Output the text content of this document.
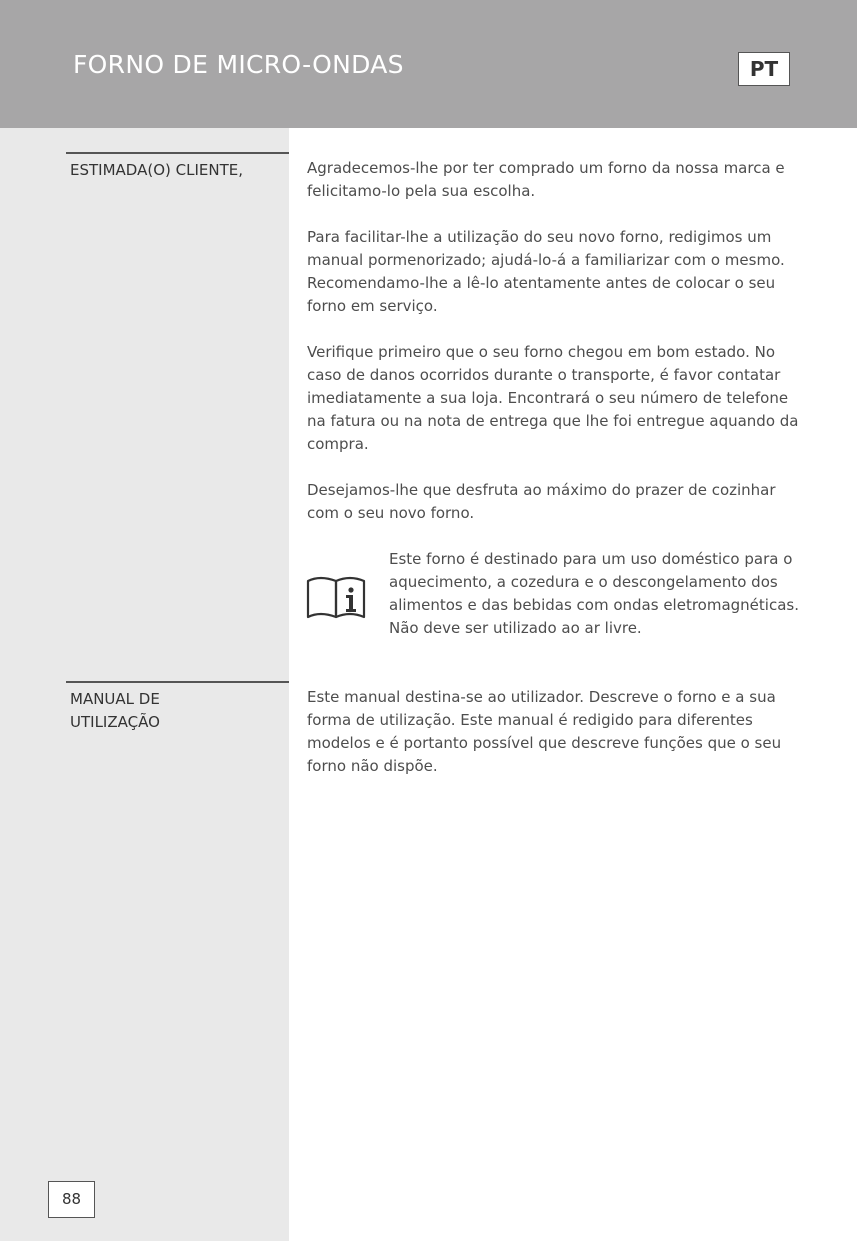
FORNO DE MICRO-ONDAS	PT
ESTIMADA(O) CLIENTE,	Agradecemos-lhe por ter comprado um forno da nossa marca e felicitamo-lo pela sua escolha.

Para facilitar-lhe a utilização do seu novo forno, redigimos um manual pormenorizado; ajudá-lo-á a familiarizar com o mesmo. Recomendamo-lhe a lê-lo atentamente antes de colocar o seu forno em serviço.

Verifique primeiro que o seu forno chegou em bom estado. No caso de danos ocorridos durante o transporte, é favor contatar imediatamente a sua loja. Encontrará o seu número de telefone na fatura ou na nota de entrega que lhe foi entregue aquando da compra.

Desejamos-lhe que desfruta ao máximo do prazer de cozinhar com o seu novo forno.

Este forno é destinado para um uso doméstico para o aquecimento, a cozedura e o descongelamento dos alimentos e das bebidas com ondas eletromagnéticas.
Não deve ser utilizado ao ar livre.
MANUAL DE
UTILIZAÇÃO

Este manual destina-se ao utilizador. Descreve o forno e a sua forma de utilização. Este manual é redigido para diferentes modelos e é portanto possível que descreve funções que o seu forno não dispõe.

88
